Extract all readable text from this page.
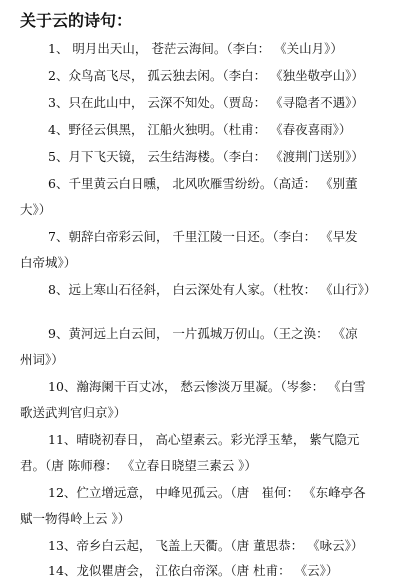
关于云的诗句：
1、 明月出天山， 苍茫云海间。（李白： 《关山月》）
2、众鸟高飞尽， 孤云独去闲。（李白： 《独坐敬亭山》）
3、只在此山中， 云深不知处。（贾岛： 《寻隐者不遇》）
4、野径云俱黑， 江船火独明。（杜甫： 《春夜喜雨》）
5、月下飞天镜， 云生结海楼。（李白： 《渡荆门送别》）
6、千里黄云白日曛， 北风吹雁雪纷纷。（高适： 《别董
大》）
7、朝辞白帝彩云间， 千里江陵一日还。（李白： 《早发
白帝城》）
8、远上寒山石径斜， 白云深处有人家。（杜牧： 《山行》）
9、黄河远上白云间， 一片孤城万仞山。（王之涣： 《凉
州词》）
10、瀚海阑干百丈冰， 愁云惨淡万里凝。（岑参： 《白雪
歌送武判官归京》）
11、晴晓初春日， 高心望素云。彩光浮玉辇， 紫气隐元
君。（唐 陈师穆： 《立春日晓望三素云 》）
12、伫立增远意， 中峰见孤云。（唐　崔何： 《东峰亭各
赋一物得岭上云 》）
13、帝乡白云起， 飞盖上天衢。（唐 董思恭： 《咏云》）
14、龙似瞿唐会， 江依白帝深。（唐 杜甫： 《云》）
